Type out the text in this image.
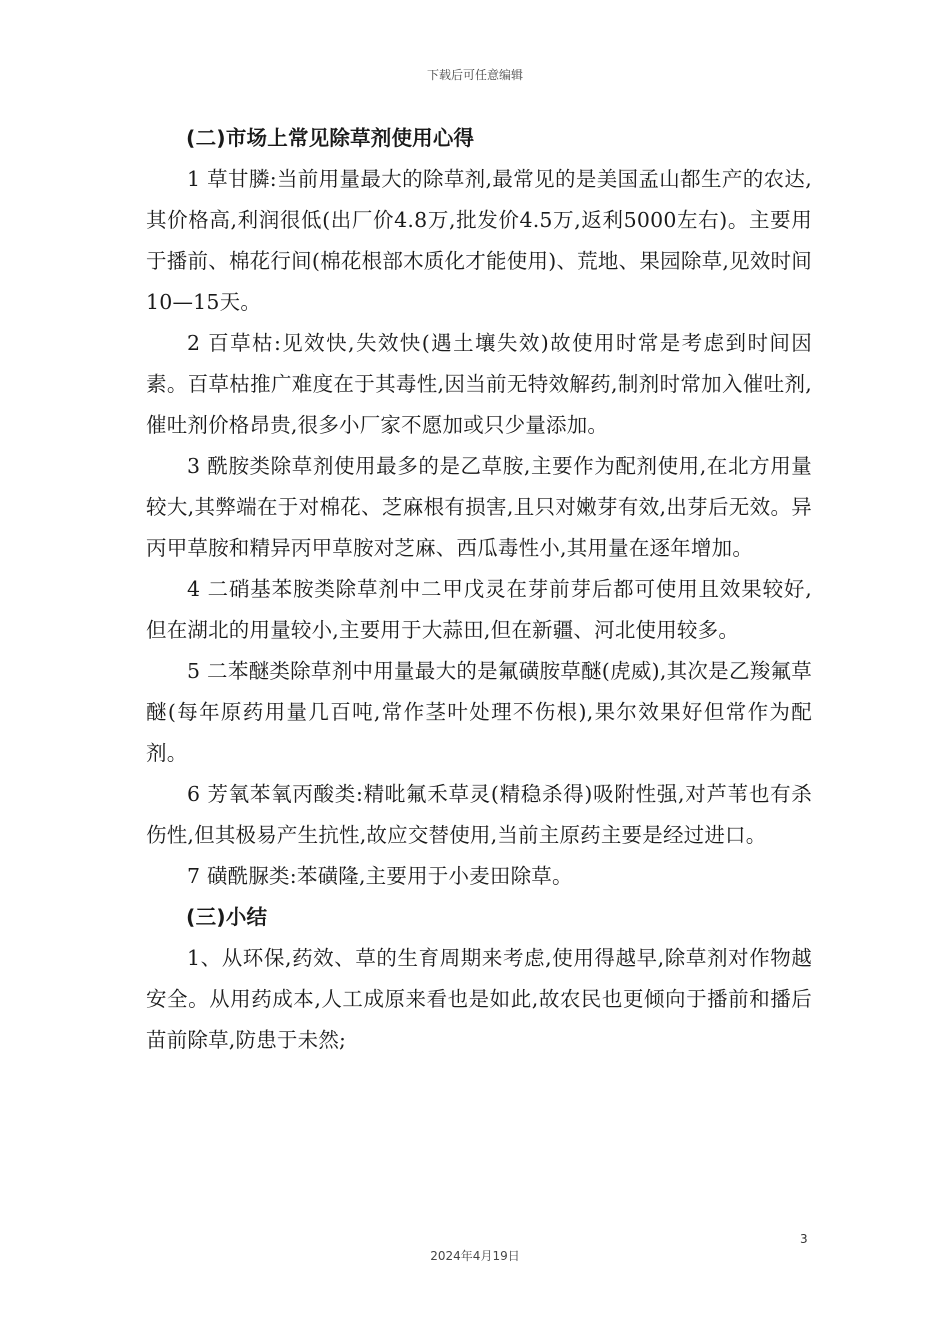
下载后可任意编辑
(二)市场上常见除草剂使用心得

1 草甘膦:当前用量最大的除草剂,最常见的是美国孟山都生产的农达,其价格高,利润很低(出厂价4.8万,批发价4.5万,返利5000左右)。主要用于播前、棉花行间(棉花根部木质化才能使用)、荒地、果园除草,见效时间10—15天。

2 百草枯:见效快,失效快(遇土壤失效)故使用时常是考虑到时间因素。百草枯推广难度在于其毒性,因当前无特效解药,制剂时常加入催吐剂,催吐剂价格昂贵,很多小厂家不愿加或只少量添加。

3 酰胺类除草剂使用最多的是乙草胺,主要作为配剂使用,在北方用量较大,其弊端在于对棉花、芝麻根有损害,且只对嫩芽有效,出芽后无效。异丙甲草胺和精异丙甲草胺对芝麻、西瓜毒性小,其用量在逐年增加。

4 二硝基苯胺类除草剂中二甲戊灵在芽前芽后都可使用且效果较好,但在湖北的用量较小,主要用于大蒜田,但在新疆、河北使用较多。

5 二苯醚类除草剂中用量最大的是氟磺胺草醚(虎威),其次是乙羧氟草醚(每年原药用量几百吨,常作茎叶处理不伤根),果尔效果好但常作为配剂。

6 芳氧苯氧丙酸类:精吡氟禾草灵(精稳杀得)吸附性强,对芦苇也有杀伤性,但其极易产生抗性,故应交替使用,当前主原药主要是经过进口。

7 磺酰脲类:苯磺隆,主要用于小麦田除草。

(三)小结

1、从环保,药效、草的生育周期来考虑,使用得越早,除草剂对作物越安全。从用药成本,人工成原来看也是如此,故农民也更倾向于播前和播后苗前除草,防患于未然;

3
2024年4月19日
